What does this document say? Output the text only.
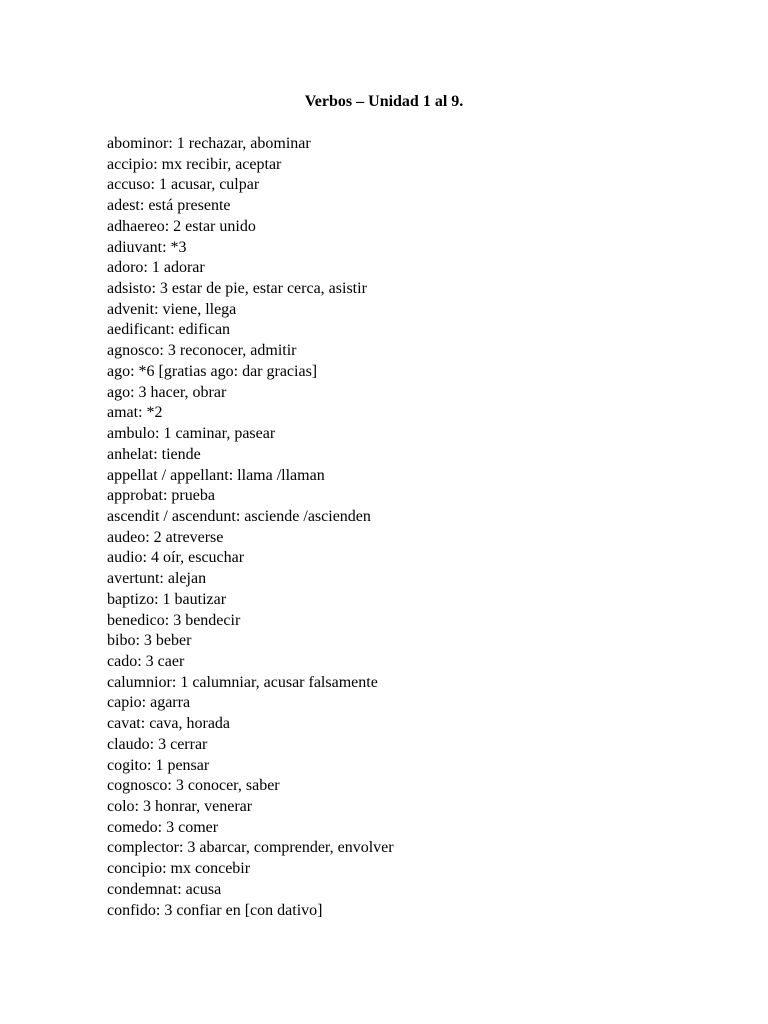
Verbos – Unidad 1 al 9.
abominor: 1 rechazar, abominar
accipio: mx recibir, aceptar
accuso: 1 acusar, culpar
adest: está presente
adhaereo: 2 estar unido
adiuvant: *3
adoro: 1 adorar
adsisto: 3 estar de pie, estar cerca, asistir
advenit: viene, llega
aedificant: edifican
agnosco: 3 reconocer, admitir
ago: *6 [gratias ago: dar gracias]
ago: 3 hacer, obrar
amat: *2
ambulo: 1 caminar, pasear
anhelat: tiende
appellat / appellant: llama /llaman
approbat: prueba
ascendit / ascendunt: asciende /ascienden
audeo: 2 atreverse
audio: 4 oír, escuchar
avertunt: alejan
baptizo: 1 bautizar
benedico: 3 bendecir
bibo: 3 beber
cado: 3 caer
calumnior: 1 calumniar, acusar falsamente
capio: agarra
cavat: cava, horada
claudo: 3 cerrar
cogito: 1 pensar
cognosco: 3 conocer, saber
colo: 3 honrar, venerar
comedo: 3 comer
complector: 3 abarcar, comprender, envolver
concipio: mx concebir
condemnat: acusa
confido: 3 confiar en [con dativo]
